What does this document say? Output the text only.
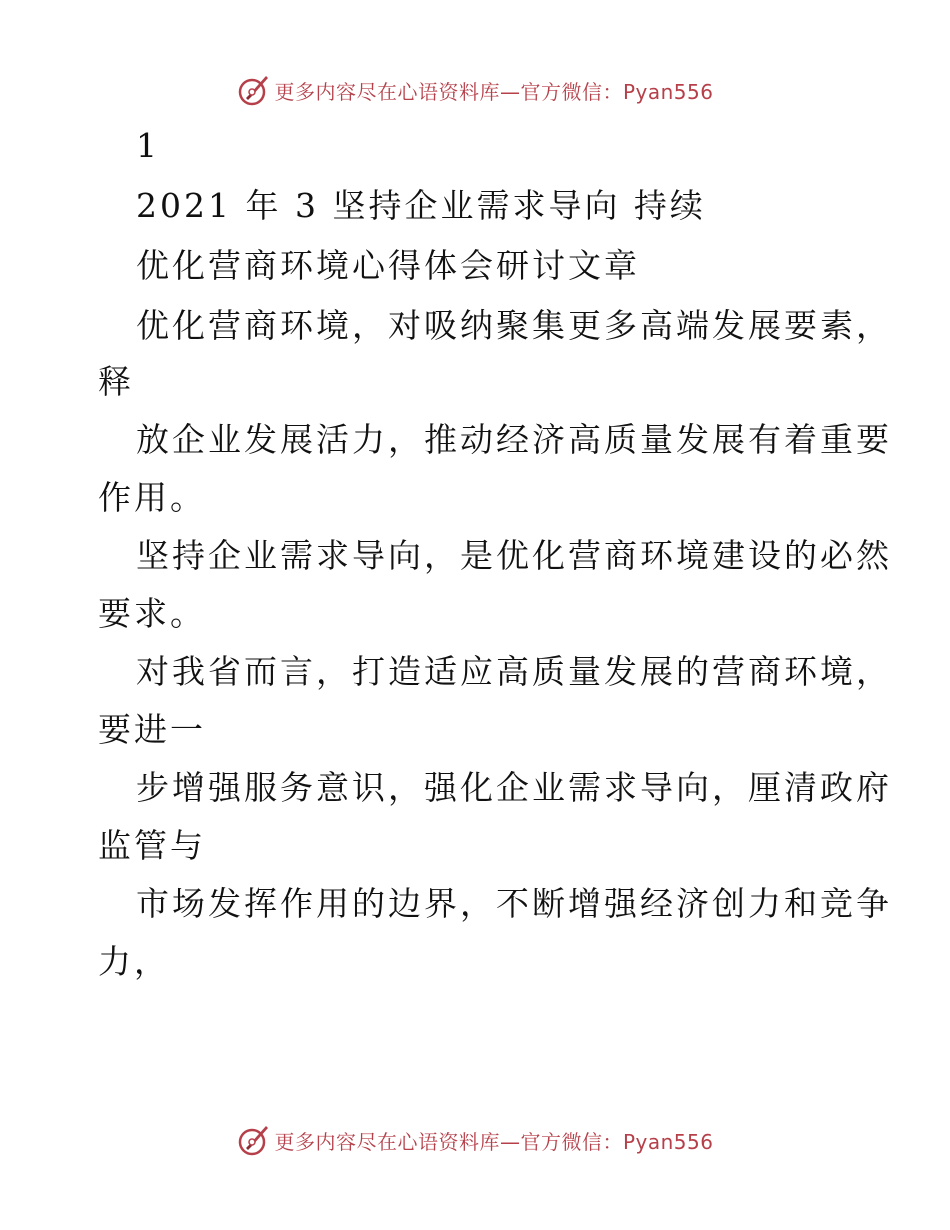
更多内容尽在心语资料库—官方微信：Pyan556
1
2021 年 3 坚持企业需求导向 持续
优化营商环境心得体会研讨文章
优化营商环境，对吸纳聚集更多高端发展要素，
释
放企业发展活力，推动经济高质量发展有着重要
作用。
坚持企业需求导向，是优化营商环境建设的必然
要求。
对我省而言，打造适应高质量发展的营商环境，
要进一
步增强服务意识，强化企业需求导向，厘清政府
监管与
市场发挥作用的边界，不断增强经济创力和竞争
力，
更多内容尽在心语资料库—官方微信：Pyan556
